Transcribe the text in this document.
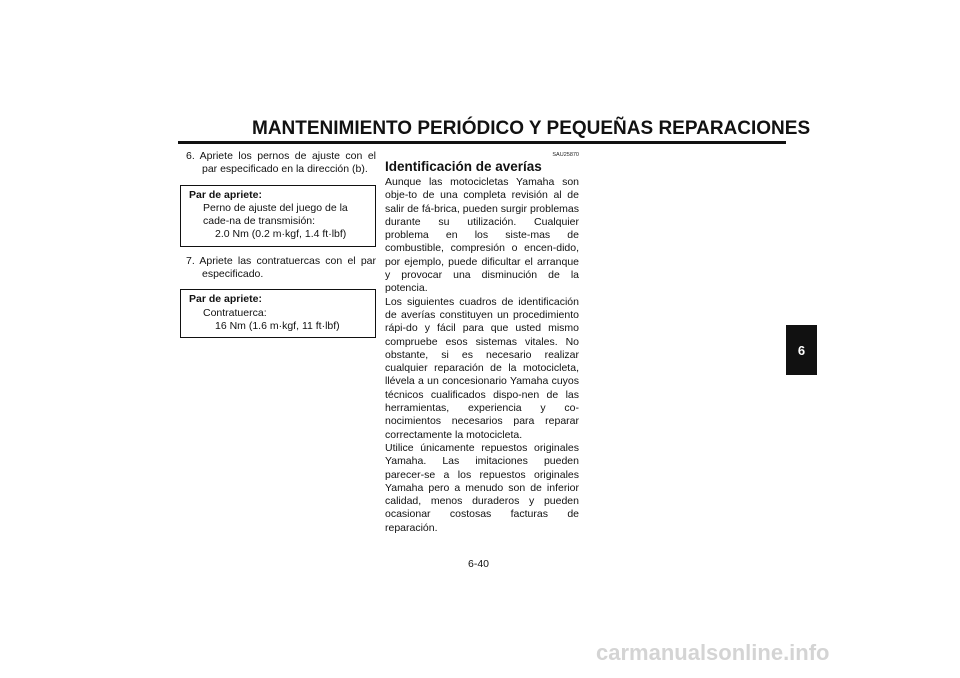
MANTENIMIENTO PERIÓDICO Y PEQUEÑAS REPARACIONES

6. Apriete los pernos de ajuste con el par especificado en la dirección (b).

Par de apriete:
Perno de ajuste del juego de la cade-na de transmisión:
2.0 Nm (0.2 m·kgf, 1.4 ft·lbf)

7. Apriete las contratuercas con el par especificado.

Par de apriete:
Contratuerca:
16 Nm (1.6 m·kgf, 11 ft·lbf)
SAU25870
Identificación de averías

Aunque las motocicletas Yamaha son obje-to de una completa revisión al de salir de fá-brica, pueden surgir problemas durante su utilización. Cualquier problema en los siste-mas de combustible, compresión o encen-dido, por ejemplo, puede dificultar el arranque y provocar una disminución de la potencia.

Los siguientes cuadros de identificación de averías constituyen un procedimiento rápi-do y fácil para que usted mismo compruebe esos sistemas vitales. No obstante, si es necesario realizar cualquier reparación de la motocicleta, llévela a un concesionario Yamaha cuyos técnicos cualificados dispo-nen de las herramientas, experiencia y co-nocimientos necesarios para reparar correctamente la motocicleta.

Utilice únicamente repuestos originales Yamaha. Las imitaciones pueden parecer-se a los repuestos originales Yamaha pero a menudo son de inferior calidad, menos duraderos y pueden ocasionar costosas facturas de reparación.

6-40
6
carmanualsonline.info
